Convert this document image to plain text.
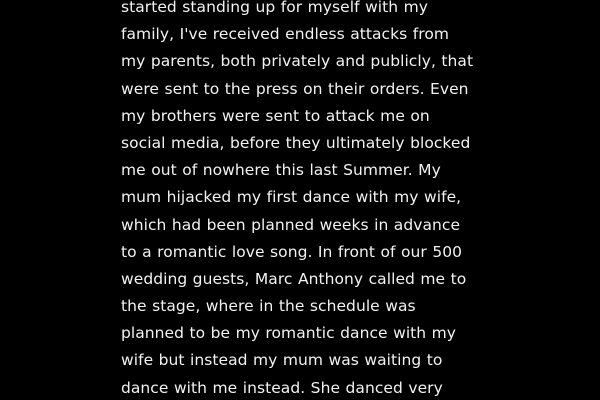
started standing up for myself with my
family, I've received endless attacks from
my parents, both privately and publicly, that
were sent to the press on their orders. Even
my brothers were sent to attack me on
social media, before they ultimately blocked
me out of nowhere this last Summer. My
mum hijacked my first dance with my wife,
which had been planned weeks in advance
to a romantic love song. In front of our 500
wedding guests, Marc Anthony called me to
the stage, where in the schedule was
planned to be my romantic dance with my
wife but instead my mum was waiting to
dance with me instead. She danced very
